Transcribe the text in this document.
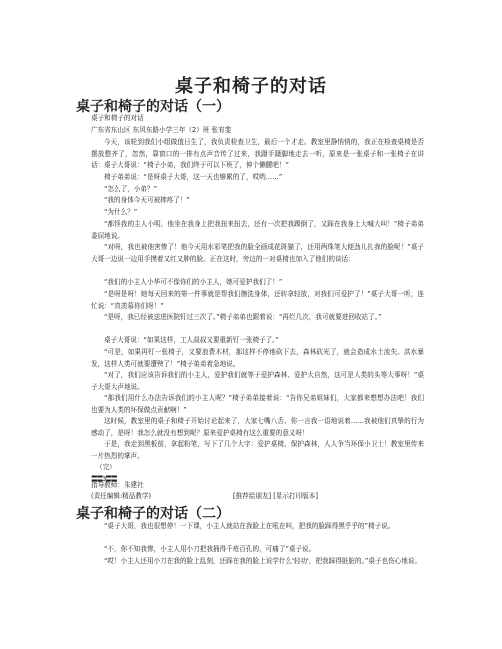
桌子和椅子的对话
桌子和椅子的对话（一）
桌子和椅子的对话
广东省东山区 东风东路小学三年（2）班 张宥斐

今天，该轮到我们小组做值日生了，我负责检查卫生，最后一个才走。教室里静悄悄的，我正在检查桌椅是否摆放整齐了，忽然，靠窗口的一排有点声音传了过来，我蹑手蹑脚地走去一听，原来是一张桌子和一张椅子在讲话： 桌子大哥说：“椅子小弟，我们终于可以下班了，伸个懒腰吧！”

椅子弟弟说：“是呀桌子大哥，这一天也够累的了，哎哟……”

“怎么了，小弟？”

“我的身体今天可被摔疼了！”

“为什么？”

“都怪我的主人小明，他坐在我身上把我扭来扭去，还有一次把我踢倒了，又踩在我身上大喊大叫！”椅子弟弟委屈地说。

“对呀，我也被他害惨了！他今天用水彩笔把我的脸全画成花斑猫了，还用两珠笔大便劲儿扎我的脸呢！”桌子大哥一边说一边用手摸着又红又肿的脸。正在这时，旁边的一对桌椅也加入了他们的谈话：

“我们的小主人小华可不像你们的小主人，她可爱护我们了！”

“是呀是呀！她每天回来的第一件事就是帮我们擦洗身体，还转拿轻放，对我们可爱护了！”桌子大哥一听，连忙说：“真羡慕你们呀！”

“是呀，我已经被送进医院钉过三次了。”椅子弟弟也跟着说：“再烂几次，我可就要进回收站了。”

桌子大哥说：“如果这样，工人叔叔又要重新钉一张椅子了。”

“可是，如果再钉一张椅子，又要浪费木材，那这样不停地砍下去，森林砍光了，就会造成水土流失、洪水暴发，这样人类可就要遭殃了！”椅子弟弟着急地说。

“对了，我们应该告诉我们的小主人，爱护我们就等于爱护森林、爱护大自然，这可是人类的头等大事呀！”桌子大哥大声地说。

“那我们用什么办法告诉我们的小主人呢？”椅子弟弟接着说：“告你兄弟姐妹们，大家都来想想办法吧！我们也要为人类的环保做点贡献啊！”

这时候，教室里的桌子和椅子开始讨论起来了，大家七嘴八舌、你一言我一语地说着……我被他们真挚的行为感动了，是呀！我怎么就没有想到呢？原来爱护桌椅有这么重要的意义呀！

于是，我走到黑板前，拿起粉笔，写下了几个大字：爱护桌椅、保护森林，人人争当环保小卫士！教室里传来一片热烈的掌声。

（完）
〓〓3〓〓
指导教师：朱建社
(责任编辑:精品教学)	[推荐給朋友] [显示打印版本]
桌子和椅子的对话（二）

“桌子大哥，我也很想停！一下课，小主人就站在我脸上在吼在叫，把我的脸踩得黑乎乎的”椅子说。

“不，你不知我惨，小主人用小刀把我捅得千疮百孔的，可痛了”桌子说。

“哎！小主人还用小刀在我的脸上乱刻，还踩在我的脸上说学什么'轻功'，把我踩得脏脏的。”桌子也伤心地说。
